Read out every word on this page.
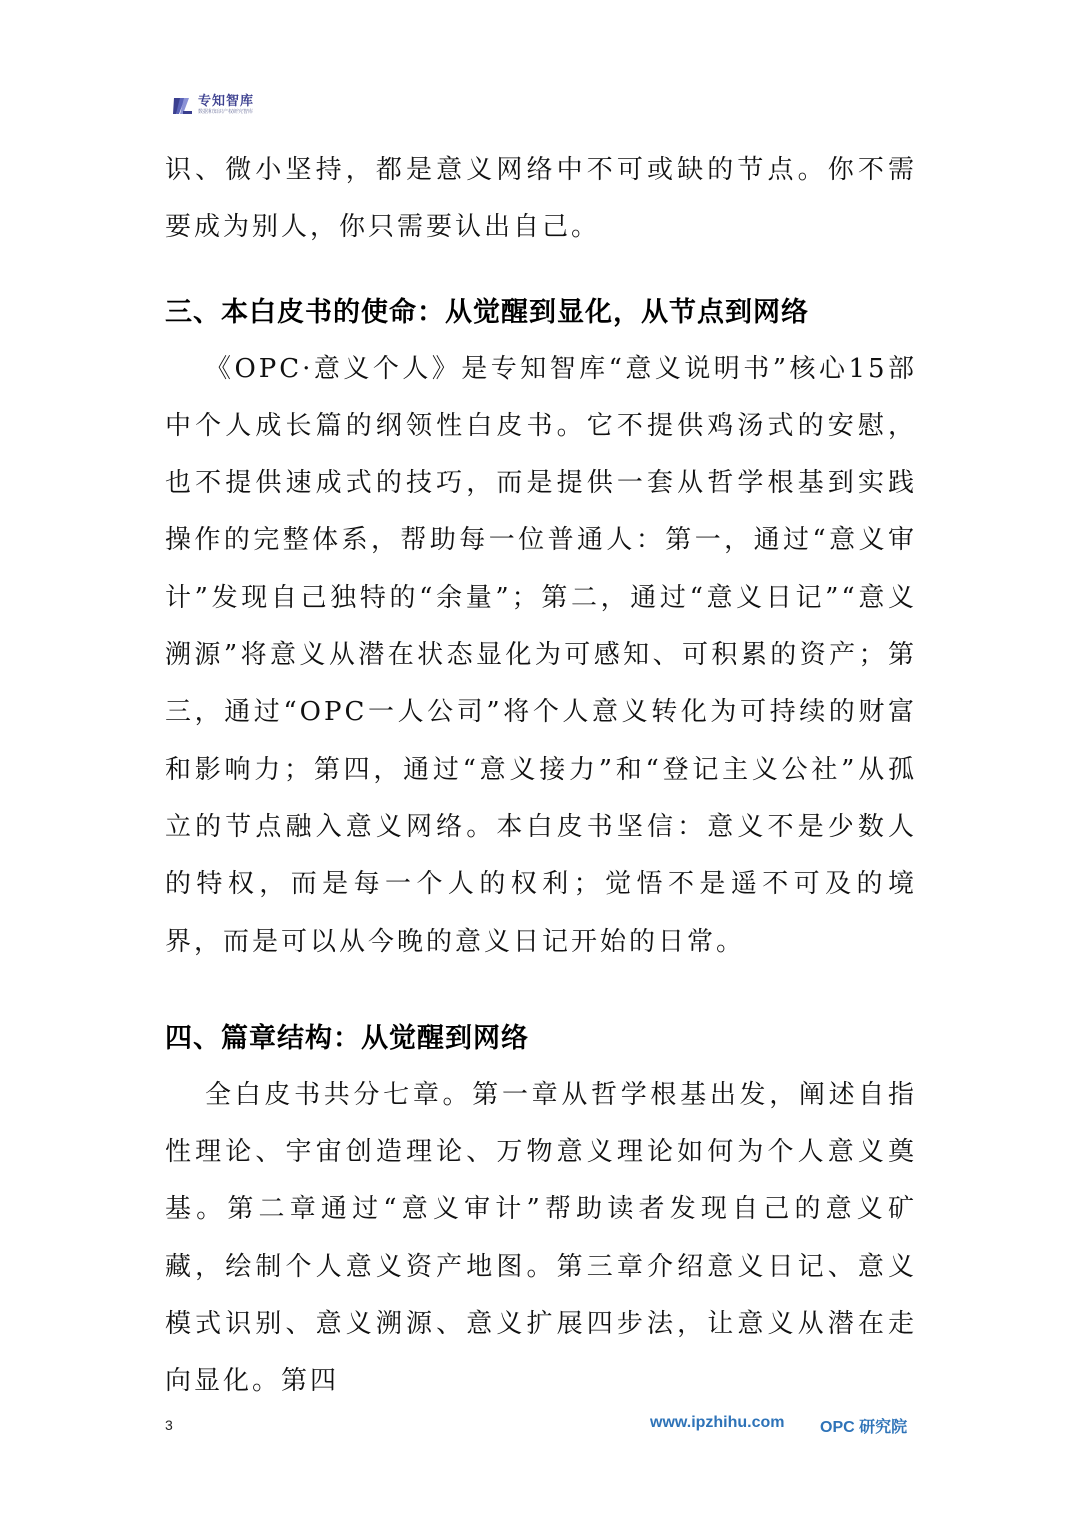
专知智库
数据和知识产权研究智库

识、微小坚持，都是意义网络中不可或缺的节点。你不需要成为别人，你只需要认出自己。

三、本白皮书的使命：从觉醒到显化，从节点到网络

《OPC·意义个人》是专知智库“意义说明书”核心15部中个人成长篇的纲领性白皮书。它不提供鸡汤式的安慰，也不提供速成式的技巧，而是提供一套从哲学根基到实践操作的完整体系，帮助每一位普通人：第一，通过“意义审计”发现自己独特的“余量”；第二，通过“意义日记”“意义溯源”将意义从潜在状态显化为可感知、可积累的资产；第三，通过“OPC一人公司”将个人意义转化为可持续的财富和影响力；第四，通过“意义接力”和“登记主义公社”从孤立的节点融入意义网络。本白皮书坚信：意义不是少数人的特权，而是每一个人的权利；觉悟不是遥不可及的境界，而是可以从今晚的意义日记开始的日常。

四、篇章结构：从觉醒到网络

全白皮书共分七章。第一章从哲学根基出发，阐述自指性理论、宇宙创造理论、万物意义理论如何为个人意义奠基。第二章通过“意义审计”帮助读者发现自己的意义矿藏，绘制个人意义资产地图。第三章介绍意义日记、意义模式识别、意义溯源、意义扩展四步法，让意义从潜在走向显化。第四

3	www.ipzhihu.com OPC 研究院
